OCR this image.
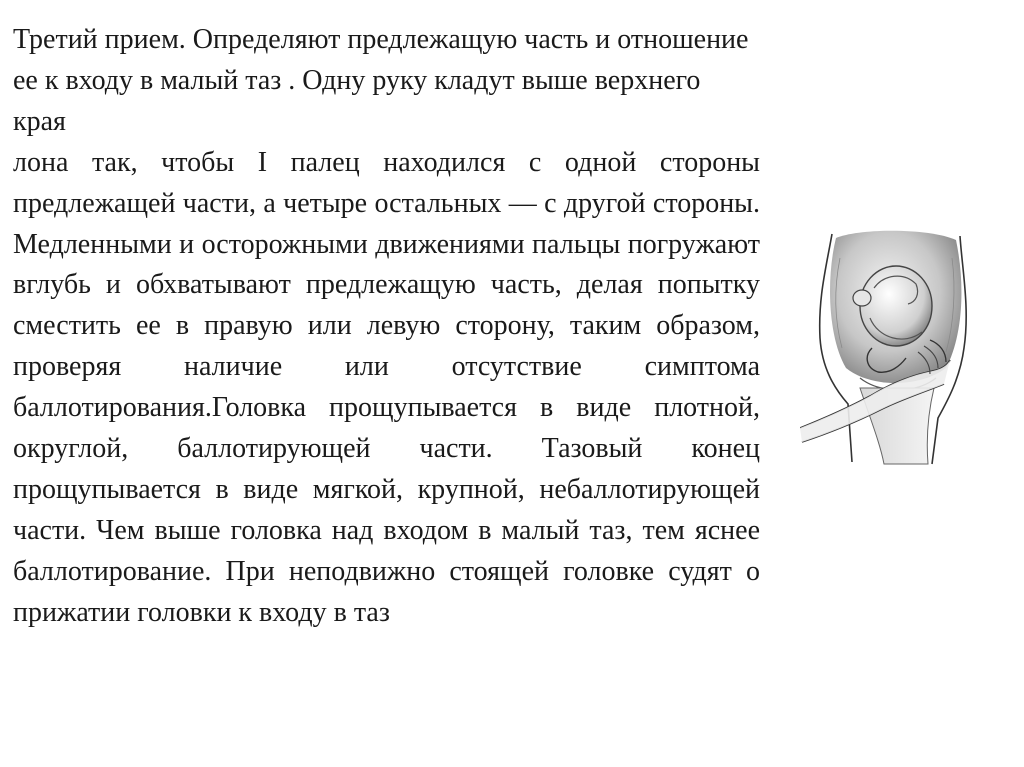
Третий прием. Определяют предлежащую часть и отношение ее к входу в малый таз . Одну руку кладут выше верхнего края

лона так, чтобы I палец находился с одной стороны предлежащей части, а четыре остальных — с другой стороны. Медленными и осторожными движениями пальцы погружают вглубь и обхватывают предлежащую часть, делая попытку сместить ее в правую или левую сторону, таким образом, проверяя наличие или отсутствие симптома баллотирования.Головка прощупывается в виде плотной, округлой, баллотирующей части. Тазовый конец прощупывается в виде мягкой, крупной, небаллотирующей части. Чем выше головка над входом в малый таз, тем яснее баллотирование. При неподвижно стоящей головке судят о прижатии головки к входу в таз
